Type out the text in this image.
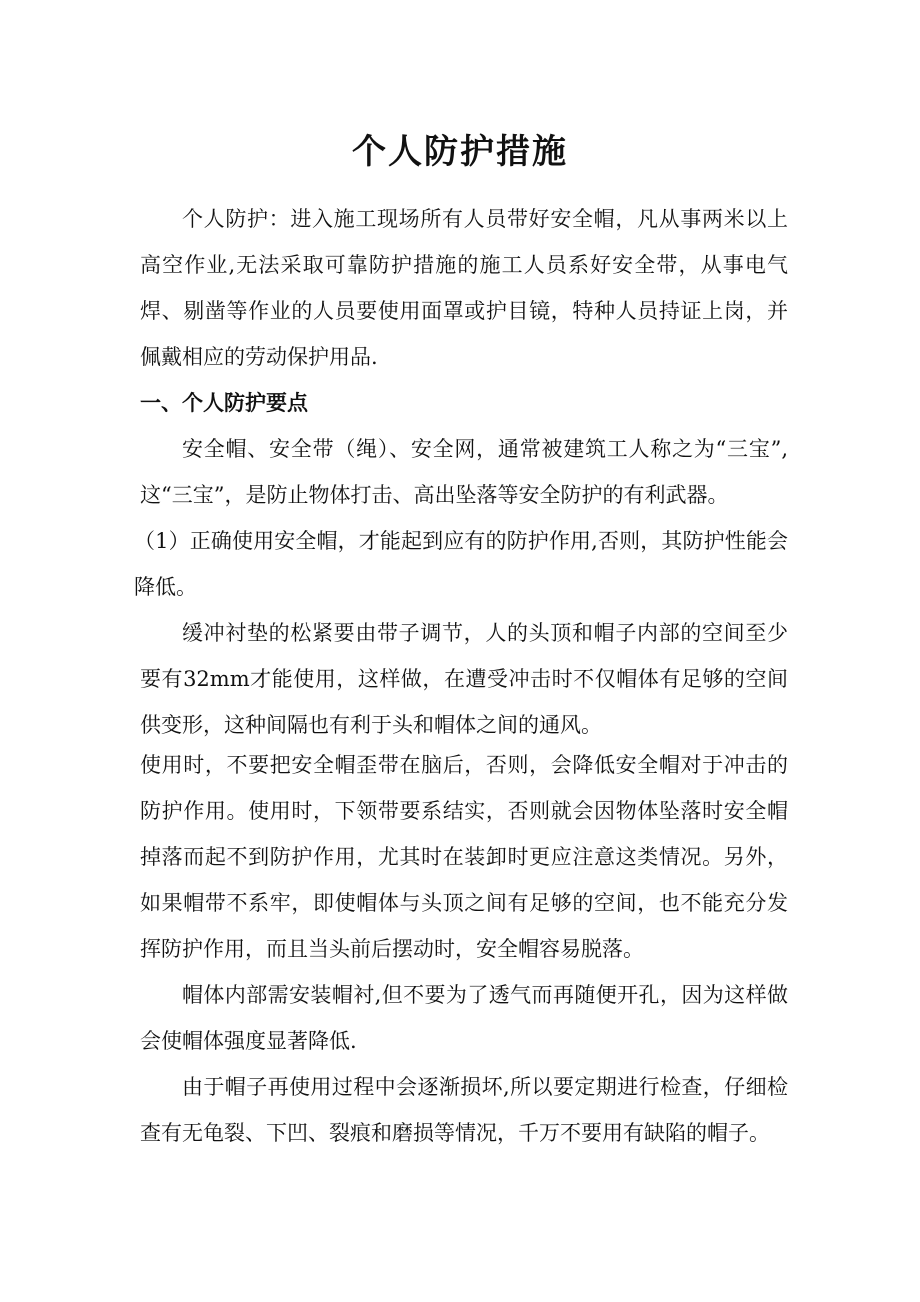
个人防护措施

个人防护：进入施工现场所有人员带好安全帽，凡从事两米以上高空作业,无法采取可靠防护措施的施工人员系好安全带，从事电气焊、剔凿等作业的人员要使用面罩或护目镜，特种人员持证上岗，并佩戴相应的劳动保护用品.

一、个人防护要点

安全帽、安全带（绳）、安全网，通常被建筑工人称之为“三宝”,这“三宝”，是防止物体打击、高出坠落等安全防护的有利武器。

（1）正确使用安全帽，才能起到应有的防护作用,否则，其防护性能会降低。

缓冲衬垫的松紧要由带子调节，人的头顶和帽子内部的空间至少要有32mm才能使用，这样做，在遭受冲击时不仅帽体有足够的空间供变形，这种间隔也有利于头和帽体之间的通风。

使用时，不要把安全帽歪带在脑后，否则，会降低安全帽对于冲击的防护作用。使用时，下领带要系结实，否则就会因物体坠落时安全帽掉落而起不到防护作用，尤其时在装卸时更应注意这类情况。另外，如果帽带不系牢，即使帽体与头顶之间有足够的空间，也不能充分发挥防护作用，而且当头前后摆动时，安全帽容易脱落。

帽体内部需安装帽衬,但不要为了透气而再随便开孔，因为这样做会使帽体强度显著降低.

由于帽子再使用过程中会逐渐损坏,所以要定期进行检查，仔细检查有无龟裂、下凹、裂痕和磨损等情况，千万不要用有缺陷的帽子。
